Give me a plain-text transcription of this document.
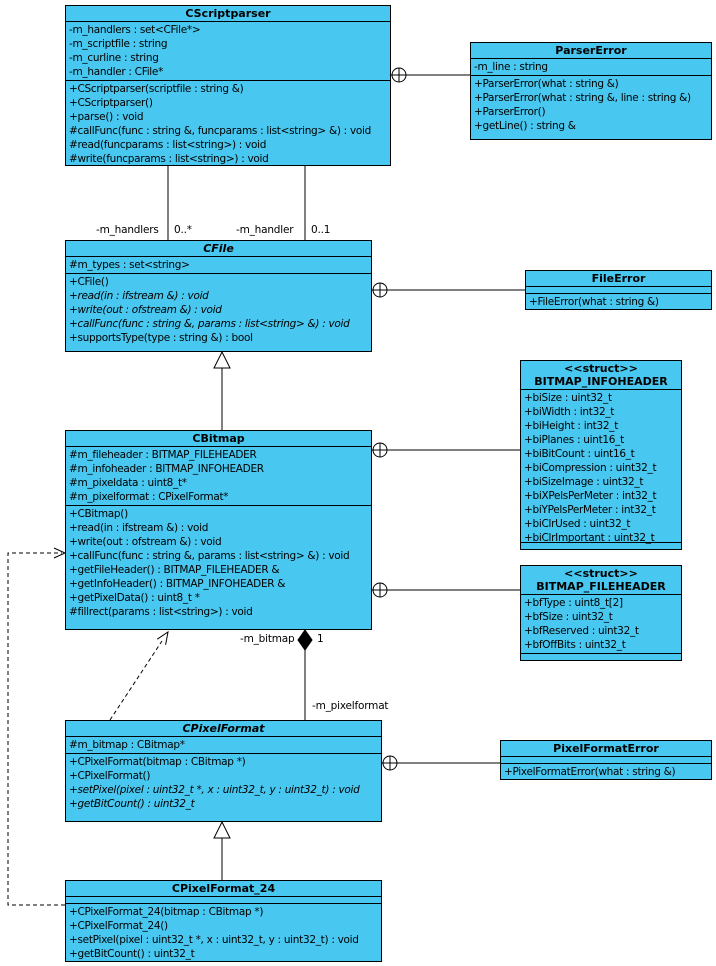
CScriptparser
-m_handlers : set<CFile*>
-m_scriptfile : string
-m_curline : string
-m_handler : CFile*
+CScriptparser(scriptfile : string &)
+CScriptparser()
+parse() : void
#callFunc(func : string &, funcparams : list<string> &) : void
#read(funcparams : list<string>) : void
#write(funcparams : list<string>) : void
ParserError
-m_line : string
+ParserError(what : string &)
+ParserError(what : string &, line : string &)
+ParserError()
+getLine() : string &
CFile
#m_types : set<string>
+CFile()
+read(in : ifstream &) : void
+write(out : ofstream &) : void
+callFunc(func : string &, params : list<string> &) : void
+supportsType(type : string &) : bool
FileError
+FileError(what : string &)
CBitmap
#m_fileheader : BITMAP_FILEHEADER
#m_infoheader : BITMAP_INFOHEADER
#m_pixeldata : uint8_t*
#m_pixelformat : CPixelFormat*
+CBitmap()
+read(in : ifstream &) : void
+write(out : ofstream &) : void
+callFunc(func : string &, params : list<string> &) : void
+getFileHeader() : BITMAP_FILEHEADER &
+getInfoHeader() : BITMAP_INFOHEADER &
+getPixelData() : uint8_t *
#fillrect(params : list<string>) : void
<<struct>>
BITMAP_INFOHEADER
+biSize : uint32_t
+biWidth : int32_t
+biHeight : int32_t
+biPlanes : uint16_t
+biBitCount : uint16_t
+biCompression : uint32_t
+biSizeImage : uint32_t
+biXPelsPerMeter : int32_t
+biYPelsPerMeter : int32_t
+biClrUsed : uint32_t
+biClrImportant : uint32_t
<<struct>>
BITMAP_FILEHEADER
+bfType : uint8_t[2]
+bfSize : uint32_t
+bfReserved : uint32_t
+bfOffBits : uint32_t
CPixelFormat
#m_bitmap : CBitmap*
+CPixelFormat(bitmap : CBitmap *)
+CPixelFormat()
+setPixel(pixel : uint32_t *, x : uint32_t, y : uint32_t) : void
+getBitCount() : uint32_t
PixelFormatError
+PixelFormatError(what : string &)
CPixelFormat_24
+CPixelFormat_24(bitmap : CBitmap *)
+CPixelFormat_24()
+setPixel(pixel : uint32_t *, x : uint32_t, y : uint32_t) : void
+getBitCount() : uint32_t
-m_handlers 0..*	-m_handler 0..1
-m_bitmap 1
-m_pixelformat
